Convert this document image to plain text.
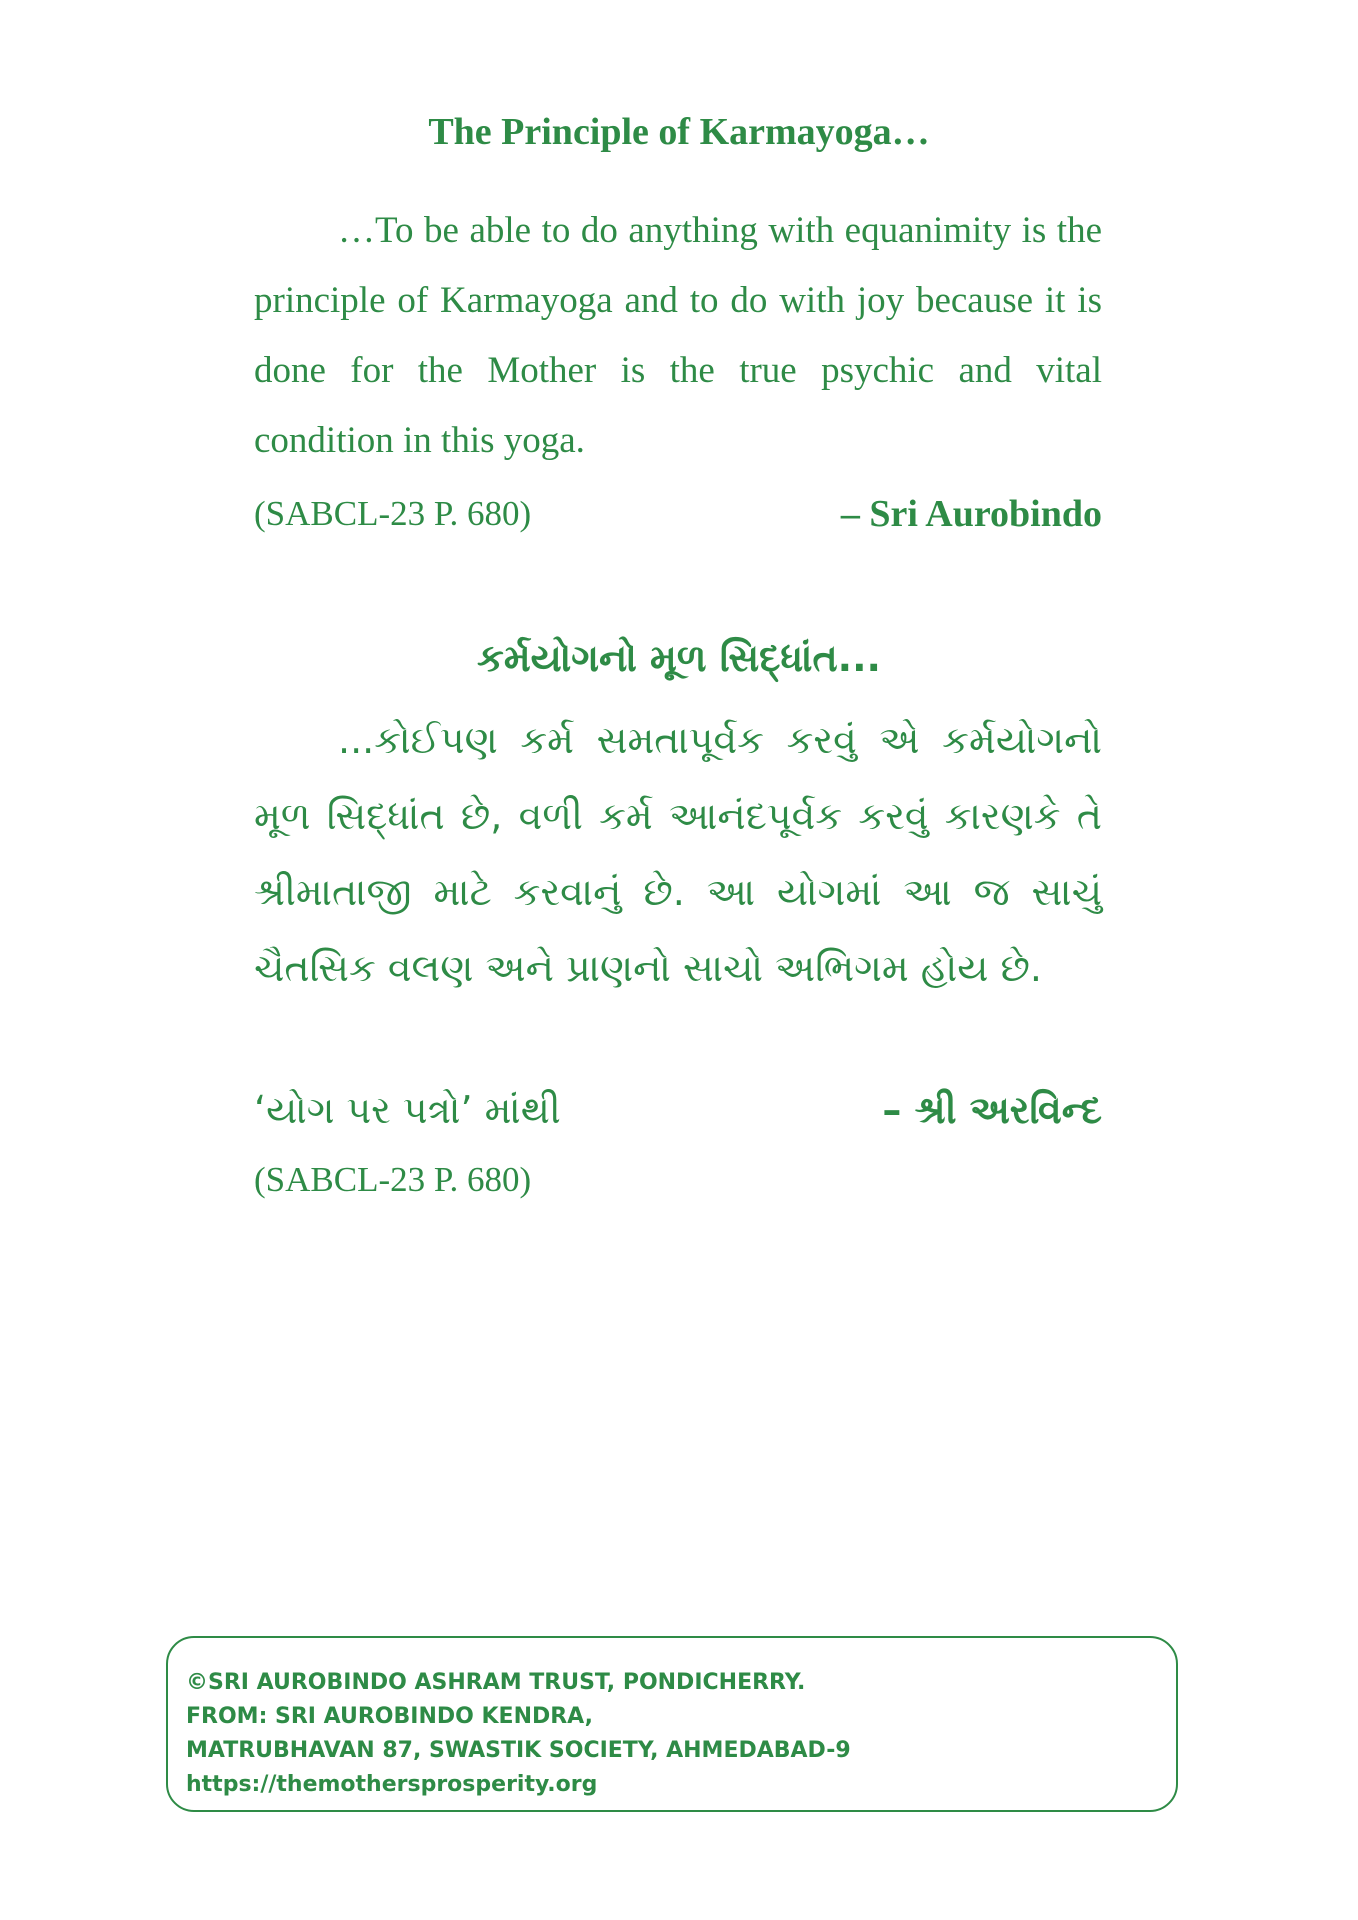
The Principle of Karmayoga…
…To be able to do anything with equanimity is the principle of Karmayoga and to do with joy because it is done for the Mother is the true psychic and vital condition in this yoga.
(SABCL-23 P. 680)	– Sri Aurobindo
કર્મયોગનો મૂળ સિદ્ધાંત...
...કોઈપણ કર્મ સમતાપૂર્વક કરવું એ કર્મયોગનો મૂળ સિદ્ધાંત છે, વળી કર્મ આનંદપૂર્વક કરવું કારણકે તે શ્રીમાતાજી માટે કરવાનું છે. આ યોગમાં આ જ સાચું ચૈતસિક વલણ અને પ્રાણનો સાચો અભિગમ હોય છે.
‘યોગ પર પત્રો’ માંથી	– શ્રી અરવિન્દ
(SABCL-23 P. 680)
©SRI AUROBINDO ASHRAM TRUST, PONDICHERRY.
FROM: SRI AUROBINDO KENDRA,
MATRUBHAVAN 87, SWASTIK SOCIETY, AHMEDABAD-9
https://themothersprosperity.org
